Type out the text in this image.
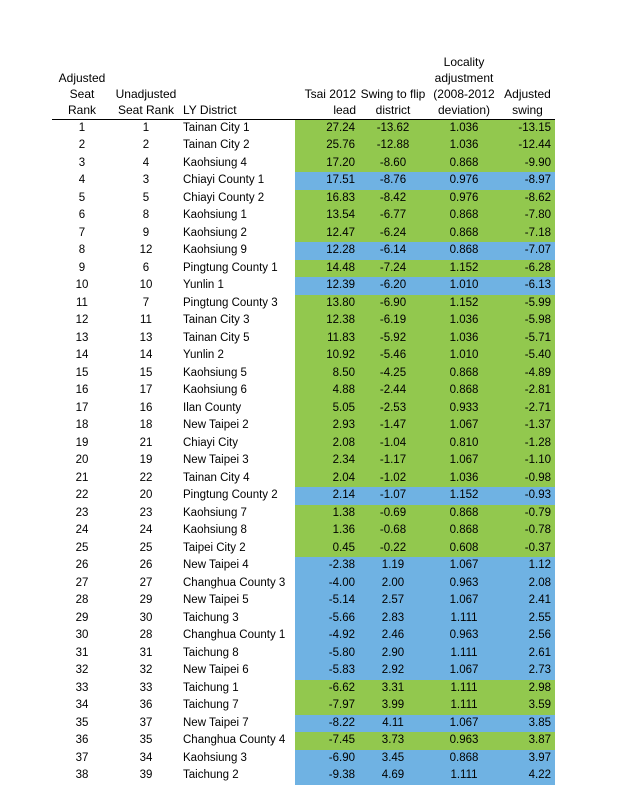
Adjusted Seat Rank	Unadjusted Seat Rank	LY District	Tsai 2012 lead	Swing to flip district	Locality adjustment (2008-2012 deviation)	Adjusted swing
1	1	Tainan City 1	27.24	-13.62	1.036	-13.15
2	2	Tainan City 2	25.76	-12.88	1.036	-12.44
3	4	Kaohsiung 4	17.20	-8.60	0.868	-9.90
4	3	Chiayi County 1	17.51	-8.76	0.976	-8.97
5	5	Chiayi County 2	16.83	-8.42	0.976	-8.62
6	8	Kaohsiung 1	13.54	-6.77	0.868	-7.80
7	9	Kaohsiung 2	12.47	-6.24	0.868	-7.18
8	12	Kaohsiung 9	12.28	-6.14	0.868	-7.07
9	6	Pingtung County 1	14.48	-7.24	1.152	-6.28
10	10	Yunlin 1	12.39	-6.20	1.010	-6.13
11	7	Pingtung County 3	13.80	-6.90	1.152	-5.99
12	11	Tainan City 3	12.38	-6.19	1.036	-5.98
13	13	Tainan City 5	11.83	-5.92	1.036	-5.71
14	14	Yunlin 2	10.92	-5.46	1.010	-5.40
15	15	Kaohsiung 5	8.50	-4.25	0.868	-4.89
16	17	Kaohsiung 6	4.88	-2.44	0.868	-2.81
17	16	Ilan County	5.05	-2.53	0.933	-2.71
18	18	New Taipei 2	2.93	-1.47	1.067	-1.37
19	21	Chiayi City	2.08	-1.04	0.810	-1.28
20	19	New Taipei 3	2.34	-1.17	1.067	-1.10
21	22	Tainan City 4	2.04	-1.02	1.036	-0.98
22	20	Pingtung County 2	2.14	-1.07	1.152	-0.93
23	23	Kaohsiung 7	1.38	-0.69	0.868	-0.79
24	24	Kaohsiung 8	1.36	-0.68	0.868	-0.78
25	25	Taipei City 2	0.45	-0.22	0.608	-0.37
26	26	New Taipei 4	-2.38	1.19	1.067	1.12
27	27	Changhua County 3	-4.00	2.00	0.963	2.08
28	29	New Taipei 5	-5.14	2.57	1.067	2.41
29	30	Taichung 3	-5.66	2.83	1.111	2.55
30	28	Changhua County 1	-4.92	2.46	0.963	2.56
31	31	Taichung 8	-5.80	2.90	1.111	2.61
32	32	New Taipei 6	-5.83	2.92	1.067	2.73
33	33	Taichung 1	-6.62	3.31	1.111	2.98
34	36	Taichung 7	-7.97	3.99	1.111	3.59
35	37	New Taipei 7	-8.22	4.11	1.067	3.85
36	35	Changhua County 4	-7.45	3.73	0.963	3.87
37	34	Kaohsiung 3	-6.90	3.45	0.868	3.97
38	39	Taichung 2	-9.38	4.69	1.111	4.22
